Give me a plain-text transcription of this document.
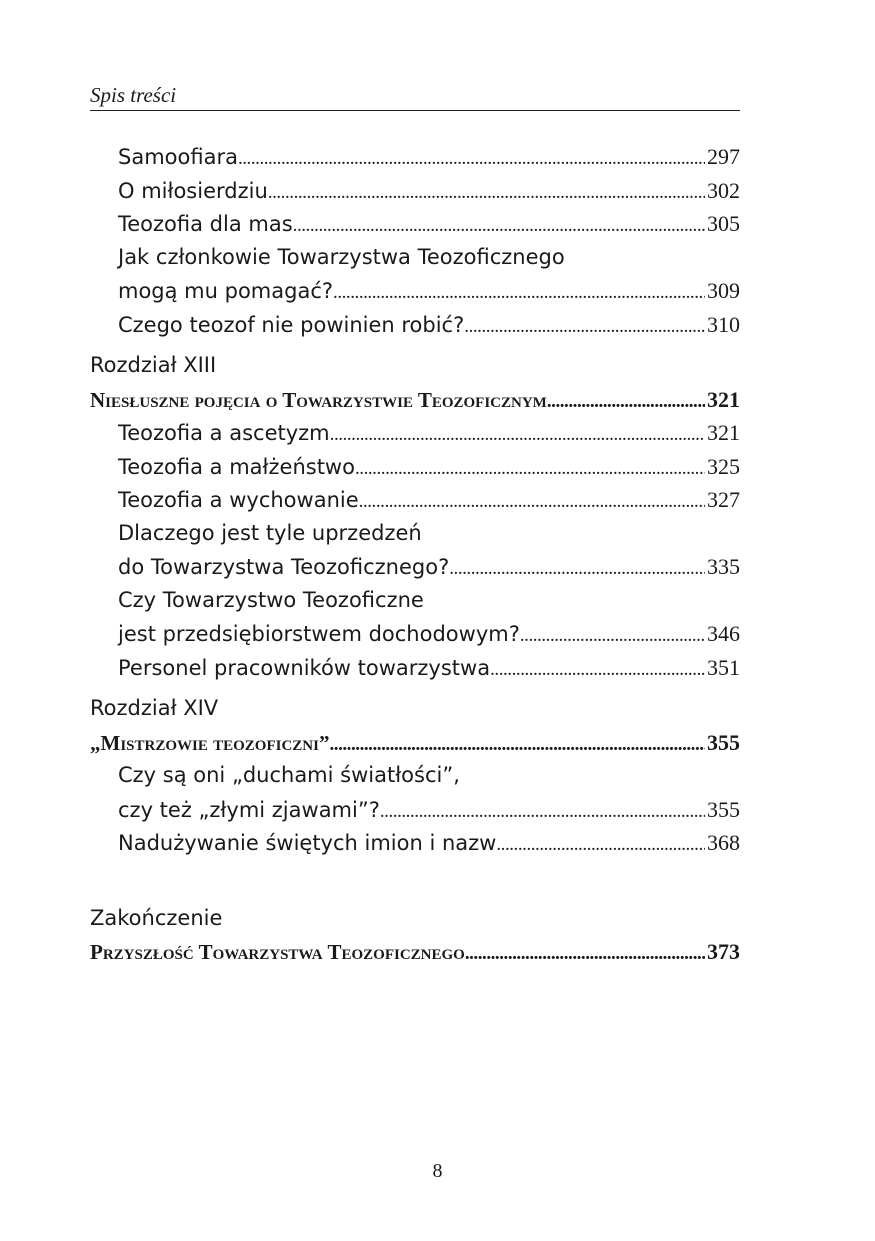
Spis treści
Samoofiara . . .	297
O miłosierdziu . . .	302
Teozofia dla mas . . .	305
Jak członkowie Towarzystwa Teozoficznego
mogą mu pomagać? . . .	309
Czego teozof nie powinien robić? . . .	310
Rozdział XIII
Niesłuszne pojęcia o Towarzystwie Teozoficznym . . .	321
Teozofia a ascetyzm . . .	321
Teozofia a małżeństwo . . .	325
Teozofia a wychowanie . . .	327
Dlaczego jest tyle uprzedzeń
do Towarzystwa Teozoficznego? . . .	335
Czy Towarzystwo Teozoficzne
jest przedsiębiorstwem dochodowym? . . .	346
Personel pracowników towarzystwa . . .	351
Rozdział XIV
„Mistrzowie teozoficzni” . . .	355
Czy są oni „duchami światłości”,
czy też „złymi zjawami”? . . .	355
Nadużywanie świętych imion i nazw . . .	368
Zakończenie
Przyszłość Towarzystwa Teozoficznego . . .	373
8
